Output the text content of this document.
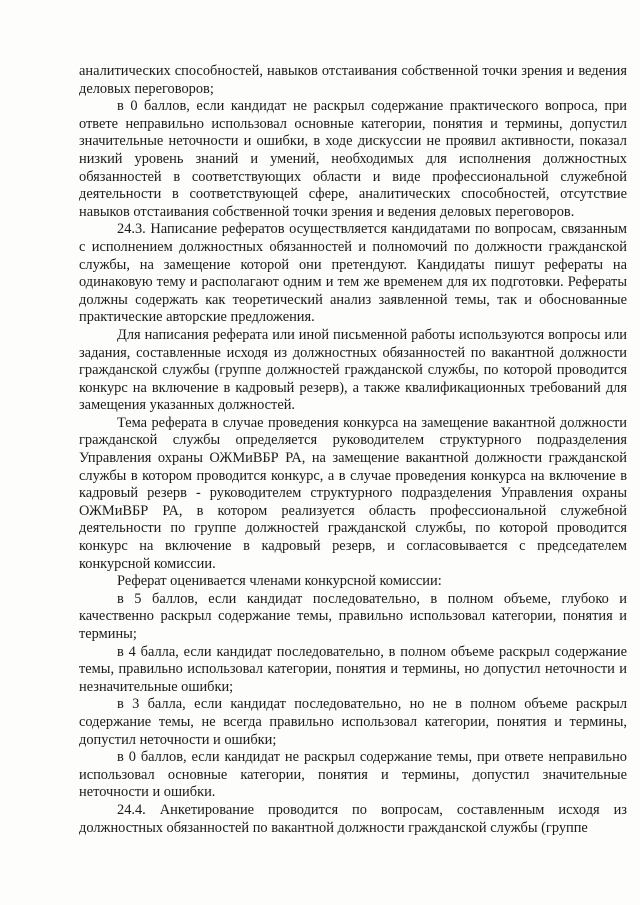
аналитических способностей, навыков отстаивания собственной точки зрения и ведения деловых переговоров;

в 0 баллов, если кандидат не раскрыл содержание практического вопроса, при ответе неправильно использовал основные категории, понятия и термины, допустил значительные неточности и ошибки, в ходе дискуссии не проявил активности, показал низкий уровень знаний и умений, необходимых для исполнения должностных обязанностей в соответствующих области и виде профессиональной служебной деятельности в соответствующей сфере, аналитических способностей, отсутствие навыков отстаивания собственной точки зрения и ведения деловых переговоров.

24.3. Написание рефератов осуществляется кандидатами по вопросам, связанным с исполнением должностных обязанностей и полномочий по должности гражданской службы, на замещение которой они претендуют. Кандидаты пишут рефераты на одинаковую тему и располагают одним и тем же временем для их подготовки. Рефераты должны содержать как теоретический анализ заявленной темы, так и обоснованные практические авторские предложения.

Для написания реферата или иной письменной работы используются вопросы или задания, составленные исходя из должностных обязанностей по вакантной должности гражданской службы (группе должностей гражданской службы, по которой проводится конкурс на включение в кадровый резерв), а также квалификационных требований для замещения указанных должностей.

Тема реферата в случае проведения конкурса на замещение вакантной должности гражданской службы определяется руководителем структурного подразделения Управления охраны ОЖМиВБР РА, на замещение вакантной должности гражданской службы в котором проводится конкурс, а в случае проведения конкурса на включение в кадровый резерв - руководителем структурного подразделения Управления охраны ОЖМиВБР РА, в котором реализуется область профессиональной служебной деятельности по группе должностей гражданской службы, по которой проводится конкурс на включение в кадровый резерв, и согласовывается с председателем конкурсной комиссии.

Реферат оценивается членами конкурсной комиссии:

в 5 баллов, если кандидат последовательно, в полном объеме, глубоко и качественно раскрыл содержание темы, правильно использовал категории, понятия и термины;

в 4 балла, если кандидат последовательно, в полном объеме раскрыл содержание темы, правильно использовал категории, понятия и термины, но допустил неточности и незначительные ошибки;

в 3 балла, если кандидат последовательно, но не в полном объеме раскрыл содержание темы, не всегда правильно использовал категории, понятия и термины, допустил неточности и ошибки;

в 0 баллов, если кандидат не раскрыл содержание темы, при ответе неправильно использовал основные категории, понятия и термины, допустил значительные неточности и ошибки.

24.4. Анкетирование проводится по вопросам, составленным исходя из должностных обязанностей по вакантной должности гражданской службы (группе
